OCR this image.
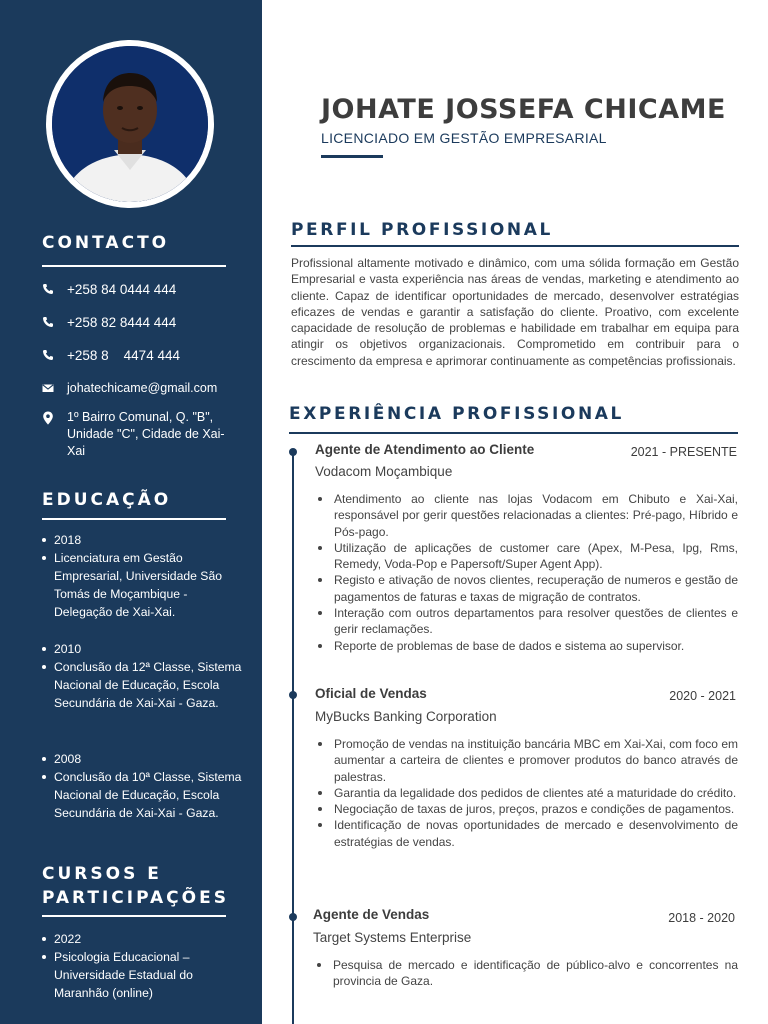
CONTACTO
+258 84 0444 444
+258 82 8444 444
+258 8    4474 444
johatechicame@gmail.com
1º Bairro Comunal, Q. "B", Unidade "C", Cidade de Xai-Xai
EDUCAÇÃO
2018
Licenciatura em Gestão Empresarial, Universidade São Tomás de Moçambique - Delegação de Xai-Xai.
2010
Conclusão da 12ª Classe, Sistema Nacional de Educação, Escola Secundária de Xai-Xai - Gaza.
2008
Conclusão da 10ª Classe, Sistema Nacional de Educação, Escola Secundária de Xai-Xai - Gaza.
CURSOS E
PARTICIPAÇÕES
2022
Psicologia Educacional – Universidade Estadual do Maranhão (online)
JOHATE JOSSEFA CHICAME
LICENCIADO EM GESTÃO EMPRESARIAL
PERFIL PROFISSIONAL

Profissional altamente motivado e dinâmico, com uma sólida formação em Gestão Empresarial e vasta experiência nas áreas de vendas, marketing e atendimento ao cliente. Capaz de identificar oportunidades de mercado, desenvolver estratégias eficazes de vendas e garantir a satisfação do cliente. Proativo, com excelente capacidade de resolução de problemas e habilidade em trabalhar em equipa para atingir os objetivos organizacionais. Comprometido em contribuir para o crescimento da empresa e aprimorar continuamente as competências profissionais.

EXPERIÊNCIA PROFISSIONAL
Agente de Atendimento ao Cliente	2021 - PRESENTE
Vodacom Moçambique
Atendimento ao cliente nas lojas Vodacom em Chibuto e Xai-Xai, responsável por gerir questões relacionadas a clientes: Pré-pago, Híbrido e Pós-pago.
Utilização de aplicações de customer care (Apex, M-Pesa, Ipg, Rms, Remedy, Voda-Pop e Papersoft/Super Agent App).
Registo e ativação de novos clientes, recuperação de numeros e gestão de pagamentos de faturas e taxas de migração de contratos.
Interação com outros departamentos para resolver questões de clientes e gerir reclamações.
Reporte de problemas de base de dados e sistema ao supervisor.
Oficial de Vendas	2020 - 2021
MyBucks Banking Corporation
Promoção de vendas na instituição bancária MBC em Xai-Xai, com foco em aumentar a carteira de clientes e promover produtos do banco através de palestras.
Garantia da legalidade dos pedidos de clientes até a maturidade do crédito.
Negociação de taxas de juros, preços, prazos e condições de pagamentos.
Identificação de novas oportunidades de mercado e desenvolvimento de estratégias de vendas.
Agente de Vendas	2018 - 2020
Target Systems Enterprise
Pesquisa de mercado e identificação de público-alvo e concorrentes na provincia de Gaza.
